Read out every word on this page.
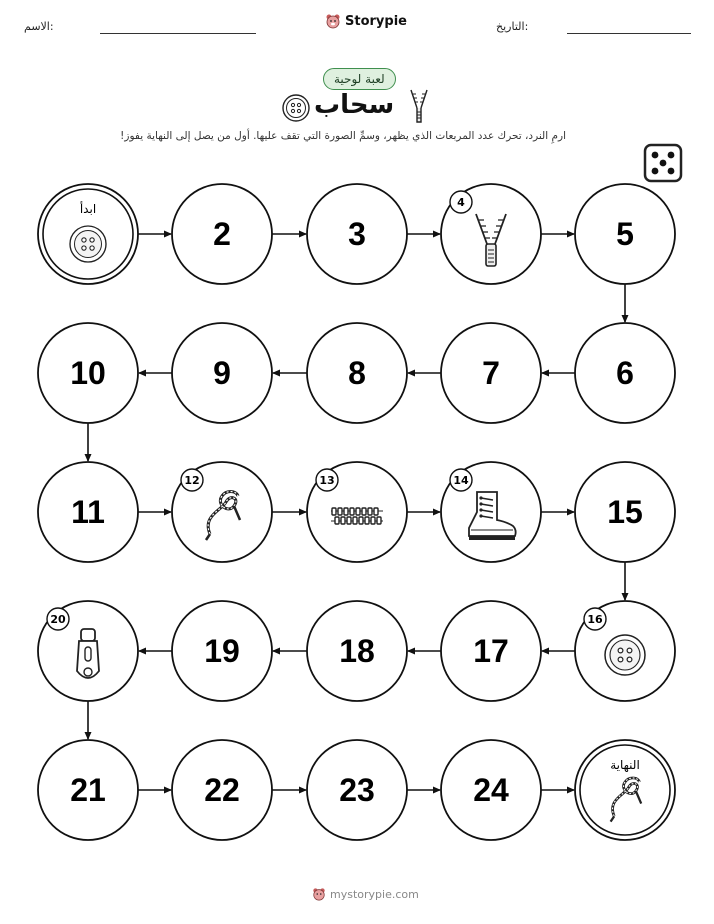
الاسم:	Storypie	التاريخ:
لعبة لوحية
سحاب
ارمِ النرد، تحرك عدد المربعات الذي يظهر، وسمِّ الصورة التي تقف عليها. أول من يصل إلى النهاية يفوز!
ابدأ
2	3
4
5
6
7
8
9
10
11
12	13	14
15
16
17
18
19
20
21	22	23	24
النهاية
mystorypie.com
